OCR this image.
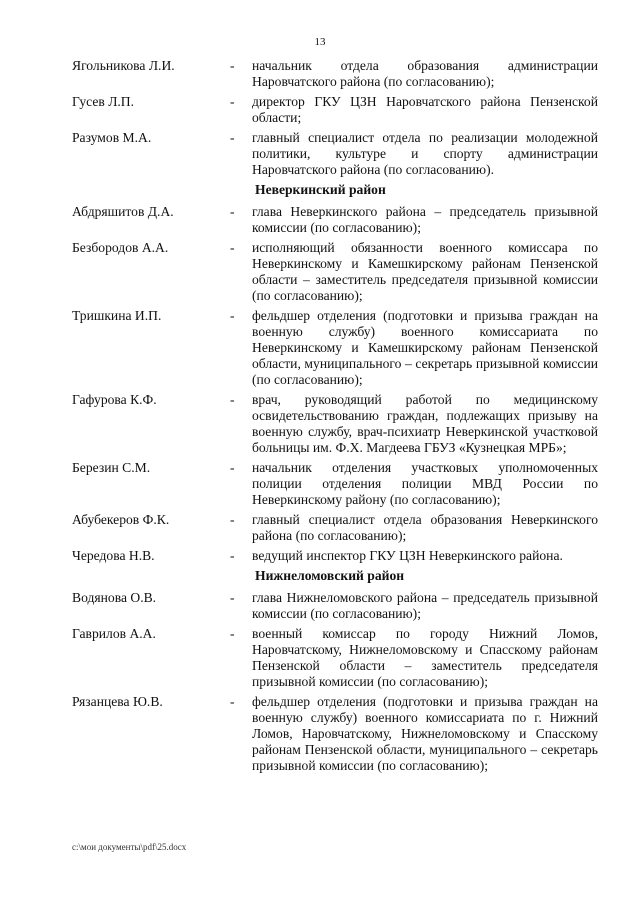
13
Ягольникова Л.И.	-	начальник отдела образования администрации Наровчатского района (по согласованию);
Гусев Л.П.	-	директор ГКУ ЦЗН Наровчатского района Пензенской области;
Разумов М.А.	-	главный специалист отдела по реализации молодежной политики, культуре и спорту администрации Наровчатского района (по согласованию).
Неверкинский район
Абдряшитов Д.А.	-	глава Неверкинского района – председатель призывной комиссии (по согласованию);
Безбородов А.А.	-	исполняющий обязанности военного комиссара по Неверкинскому и Камешкирскому районам Пензенской области – заместитель председателя призывной комиссии (по согласованию);
Тришкина И.П.	-	фельдшер отделения (подготовки и призыва граждан на военную службу) военного комиссариата по Неверкинскому и Камешкирскому районам Пензенской области, муниципального – секретарь призывной комиссии (по согласованию);
Гафурова К.Ф.	-	врач, руководящий работой по медицинскому освидетельствованию граждан, подлежащих призыву на военную службу, врач-психиатр Неверкинской участковой больницы им. Ф.Х. Магдеева ГБУЗ «Кузнецкая МРБ»;
Березин С.М.	-	начальник отделения участковых уполномоченных полиции отделения полиции МВД России по Неверкинскому району (по согласованию);
Абубекеров Ф.К.	-	главный специалист отдела образования Неверкинского района (по согласованию);
Чередова Н.В.	-	ведущий инспектор ГКУ ЦЗН Неверкинского района.
Нижнеломовский район
Водянова О.В.	-	глава Нижнеломовского района – председатель призывной комиссии (по согласованию);
Гаврилов А.А.	-	военный комиссар по городу Нижний Ломов, Наровчатскому, Нижнеломовскому и Спасскому районам Пензенской области – заместитель председателя призывной комиссии (по согласованию);
Рязанцева Ю.В.	-	фельдшер отделения (подготовки и призыва граждан на военную службу) военного комиссариата по г. Нижний Ломов, Наровчатскому, Нижнеломовскому и Спасскому районам Пензенской области, муниципального – секретарь призывной комиссии (по согласованию);
c:\мои документы\pdf\25.docx
